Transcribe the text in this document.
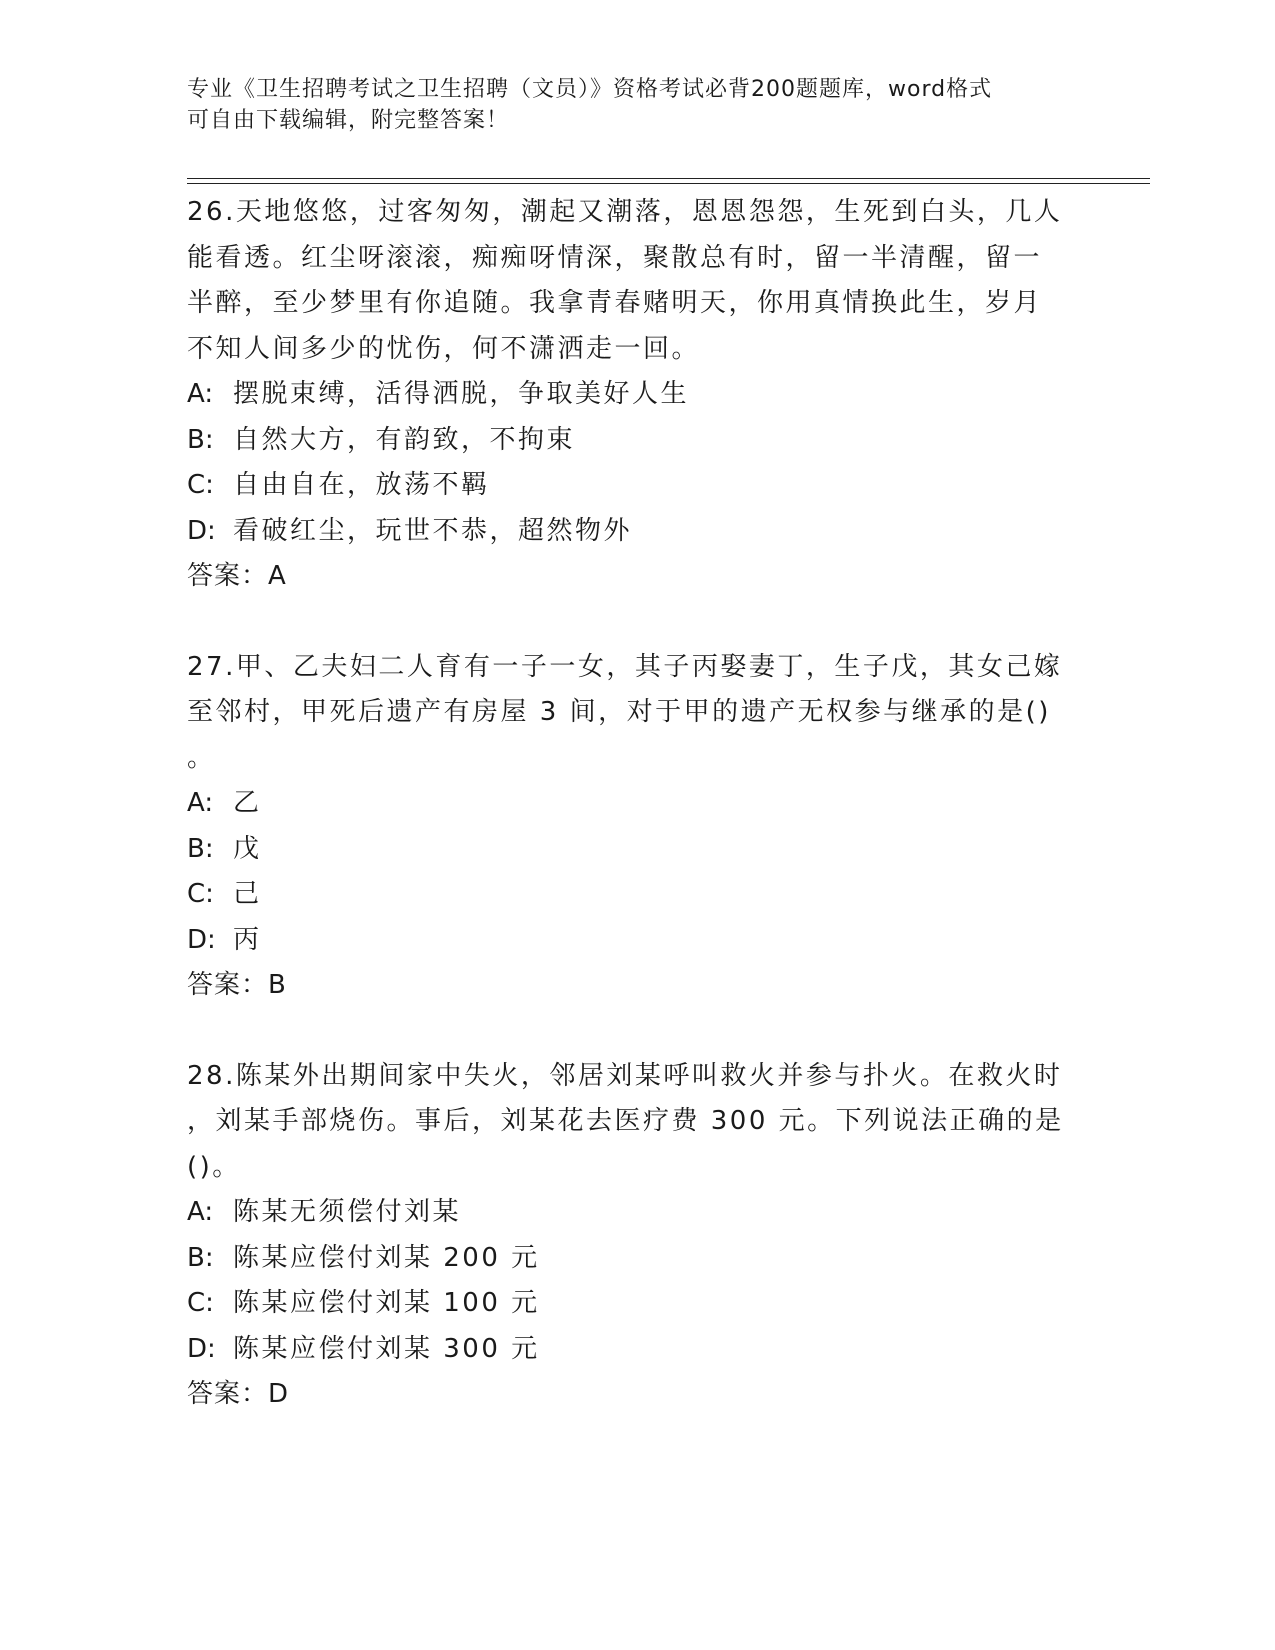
专业《卫生招聘考试之卫生招聘（文员）》资格考试必背200题题库，word格式
可自由下载编辑，附完整答案！
26.天地悠悠，过客匆匆，潮起又潮落，恩恩怨怨，生死到白头，几人
能看透。红尘呀滚滚，痴痴呀情深，聚散总有时，留一半清醒，留一
半醉，至少梦里有你追随。我拿青春赌明天，你用真情换此生，岁月
不知人间多少的忧伤，何不潇洒走一回。
A: 摆脱束缚，活得洒脱，争取美好人生
B: 自然大方，有韵致，不拘束
C: 自由自在，放荡不羁
D: 看破红尘，玩世不恭，超然物外
答案：A
27.甲、乙夫妇二人育有一子一女，其子丙娶妻丁，生子戊，其女己嫁
至邻村，甲死后遗产有房屋 3 间，对于甲的遗产无权参与继承的是()
。
A: 乙
B: 戊
C: 己
D: 丙
答案：B
28.陈某外出期间家中失火，邻居刘某呼叫救火并参与扑火。在救火时
，刘某手部烧伤。事后，刘某花去医疗费 300 元。下列说法正确的是
()。
A: 陈某无须偿付刘某
B: 陈某应偿付刘某 200 元
C: 陈某应偿付刘某 100 元
D: 陈某应偿付刘某 300 元
答案：D
